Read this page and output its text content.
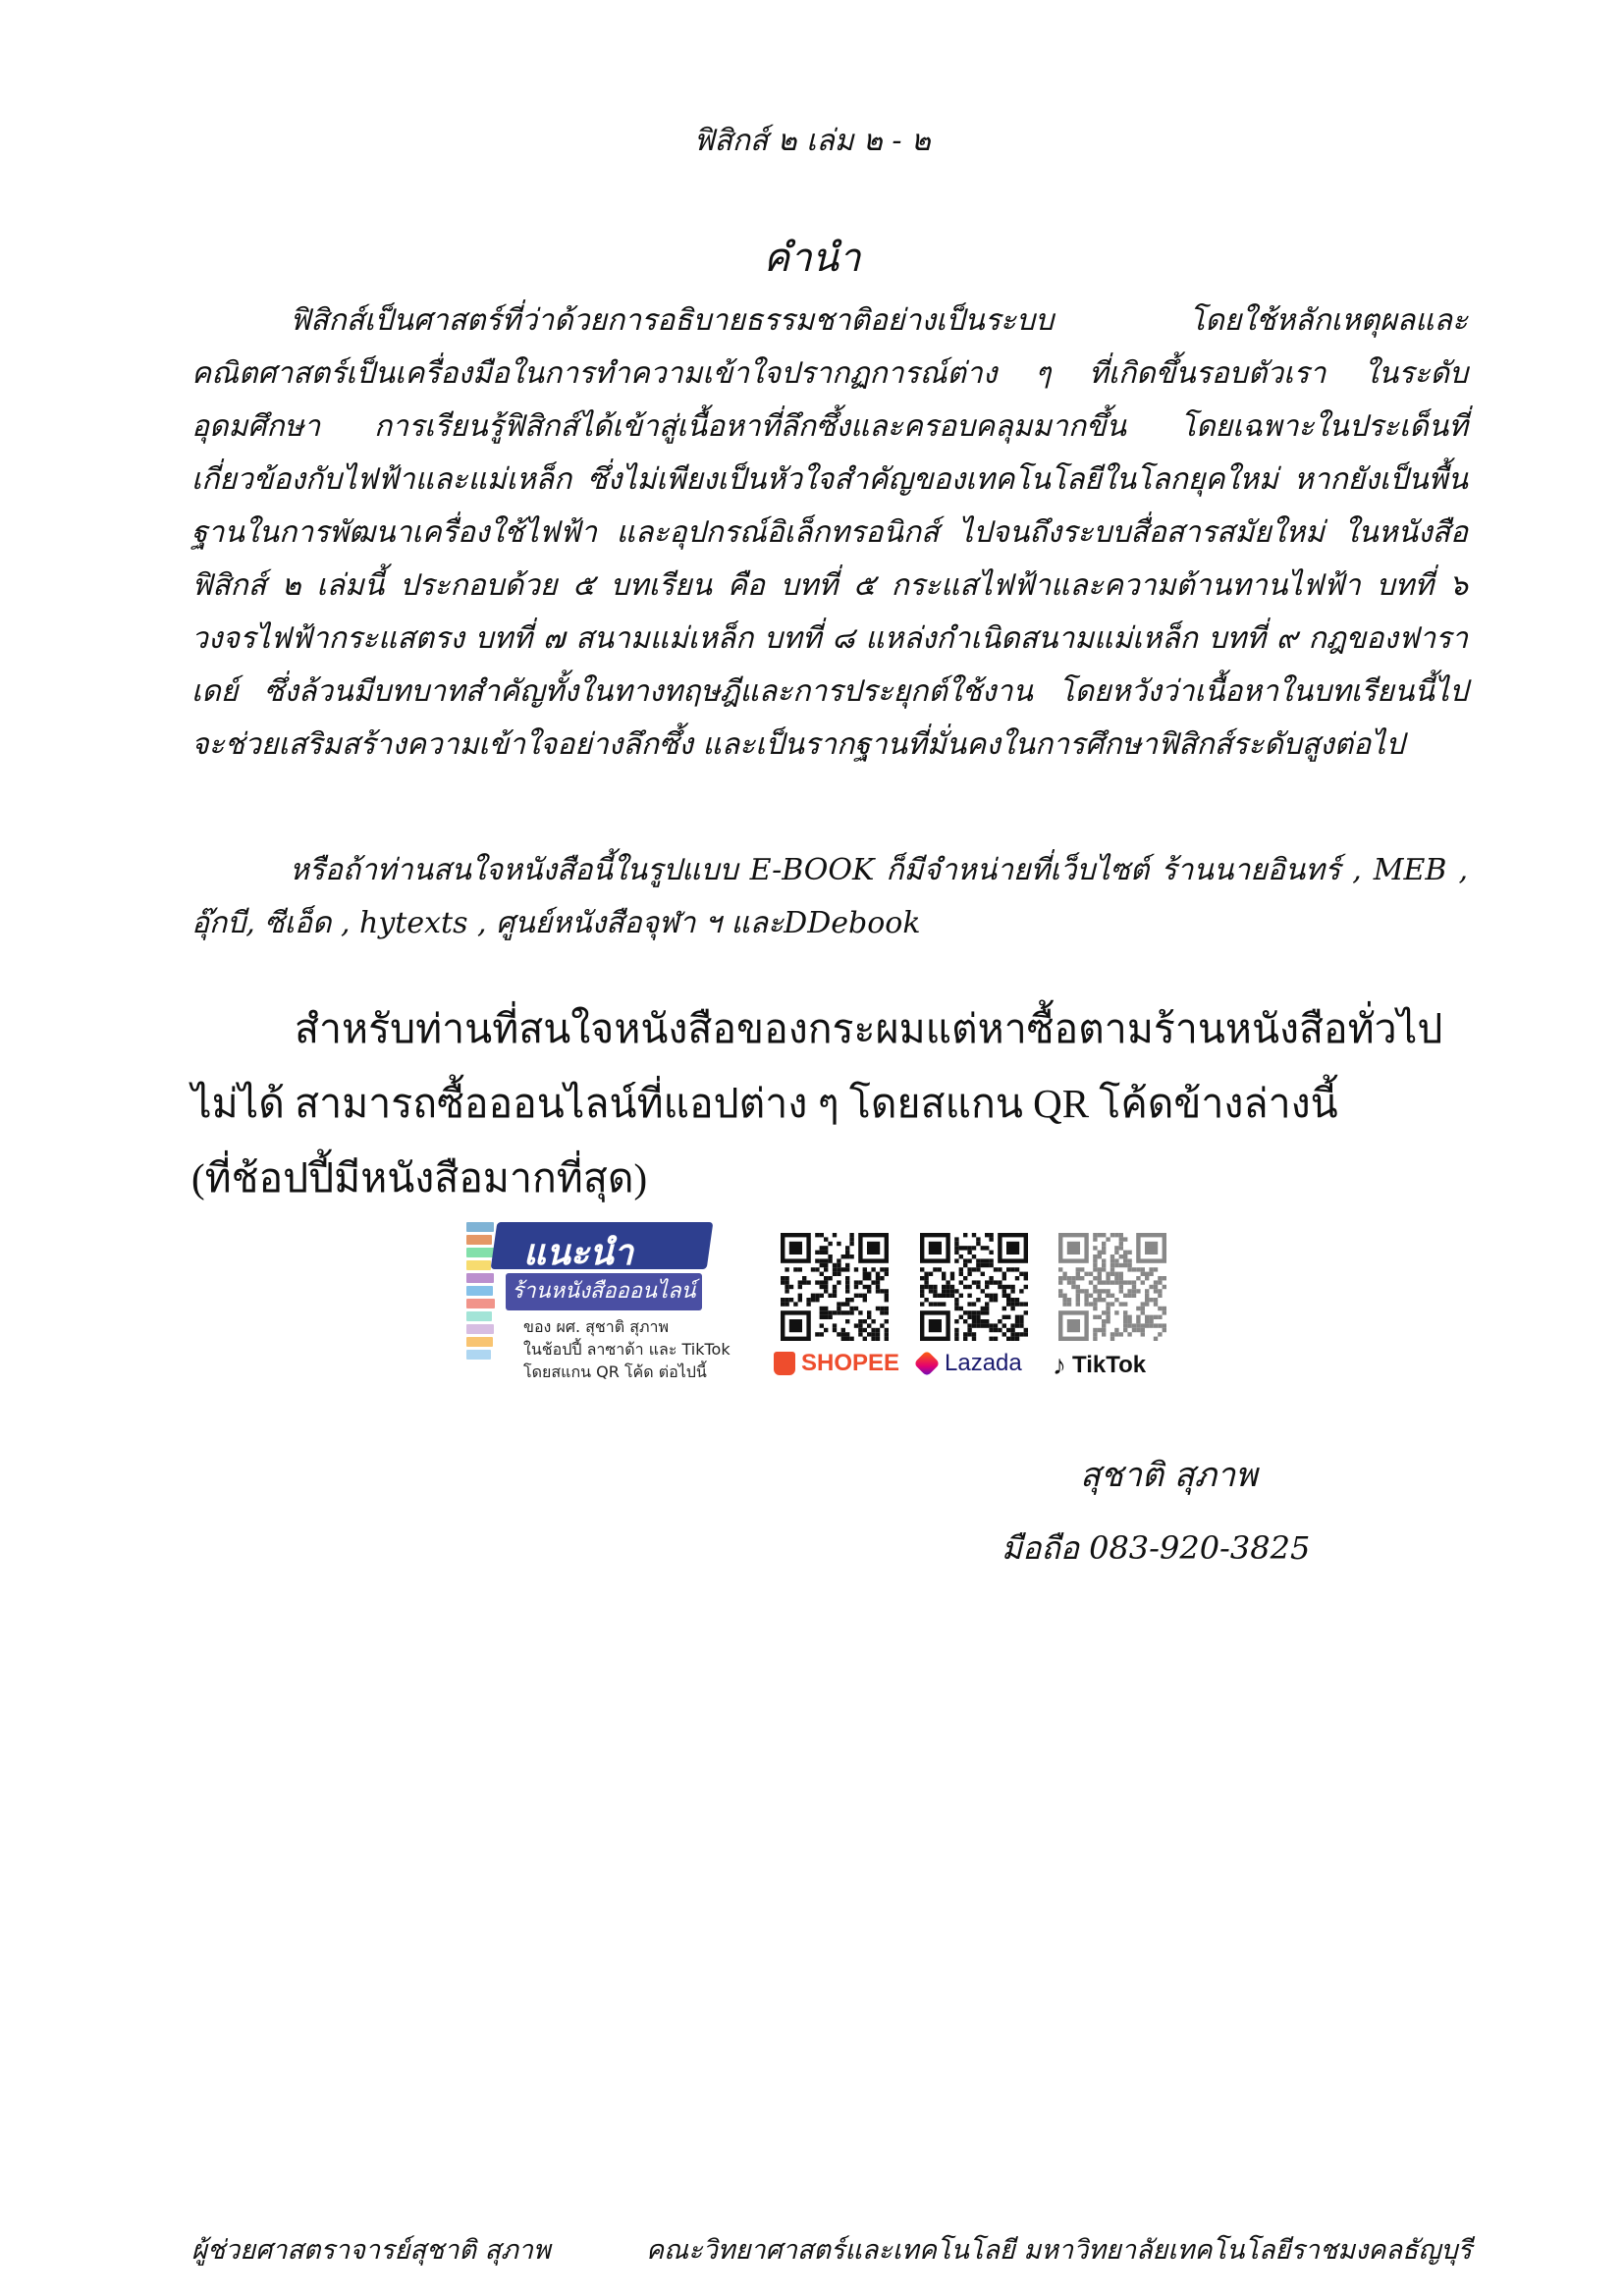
ฟิสิกส์ ๒ เล่ม ๒ - ๒
คำนำ

ฟิสิกส์เป็นศาสตร์ที่ว่าด้วยการอธิบายธรรมชาติอย่างเป็นระบบ โดยใช้หลักเหตุผลและคณิตศาสตร์เป็นเครื่องมือในการทำความเข้าใจปรากฏการณ์ต่าง ๆ ที่เกิดขึ้นรอบตัวเรา ในระดับอุดมศึกษา การเรียนรู้ฟิสิกส์ได้เข้าสู่เนื้อหาที่ลึกซึ้งและครอบคลุมมากขึ้น โดยเฉพาะในประเด็นที่เกี่ยวข้องกับไฟฟ้าและแม่เหล็ก ซึ่งไม่เพียงเป็นหัวใจสำคัญของเทคโนโลยีในโลกยุคใหม่ หากยังเป็นพื้นฐานในการพัฒนาเครื่องใช้ไฟฟ้า และอุปกรณ์อิเล็กทรอนิกส์ ไปจนถึงระบบสื่อสารสมัยใหม่ ในหนังสือฟิสิกส์ ๒ เล่มนี้ ประกอบด้วย ๕ บทเรียน คือ บทที่ ๕ กระแสไฟฟ้าและความต้านทานไฟฟ้า บทที่ ๖ วงจรไฟฟ้ากระแสตรง บทที่ ๗ สนามแม่เหล็ก บทที่ ๘ แหล่งกำเนิดสนามแม่เหล็ก บทที่ ๙ กฎของฟาราเดย์ ซึ่งล้วนมีบทบาทสำคัญทั้งในทางทฤษฎีและการประยุกต์ใช้งาน โดยหวังว่าเนื้อหาในบทเรียนนี้ไป จะช่วยเสริมสร้างความเข้าใจอย่างลึกซึ้ง และเป็นรากฐานที่มั่นคงในการศึกษาฟิสิกส์ระดับสูงต่อไป

หรือถ้าท่านสนใจหนังสือนี้ในรูปแบบ E-BOOK ก็มีจำหน่ายที่เว็บไซต์ ร้านนายอินทร์ , MEB , อุ๊กบี, ซีเอ็ด , hytexts , ศูนย์หนังสือจุฬา ฯ และDDebook

สำหรับท่านที่สนใจหนังสือของกระผมแต่หาซื้อตามร้านหนังสือทั่วไป

ไม่ได้ สามารถซื้อออนไลน์ที่แอปต่าง ๆ โดยสแกน QR โค้ดข้างล่างนี้

(ที่ช้อปปี้มีหนังสือมากที่สุด)

แนะนำ
ร้านหนังสือออนไลน์
ของ ผศ. สุชาติ สุภาพ
ในช้อปปี้ ลาซาด้า และ TikTok
โดยสแกน QR โค้ด ต่อไปนี้	SHOPEE Lazada ♪ TikTok
สุชาติ สุภาพ
มือถือ 083-920-3825
ผู้ช่วยศาสตราจารย์สุชาติ สุภาพ	คณะวิทยาศาสตร์และเทคโนโลยี มหาวิทยาลัยเทคโนโลยีราชมงคลธัญบุรี
